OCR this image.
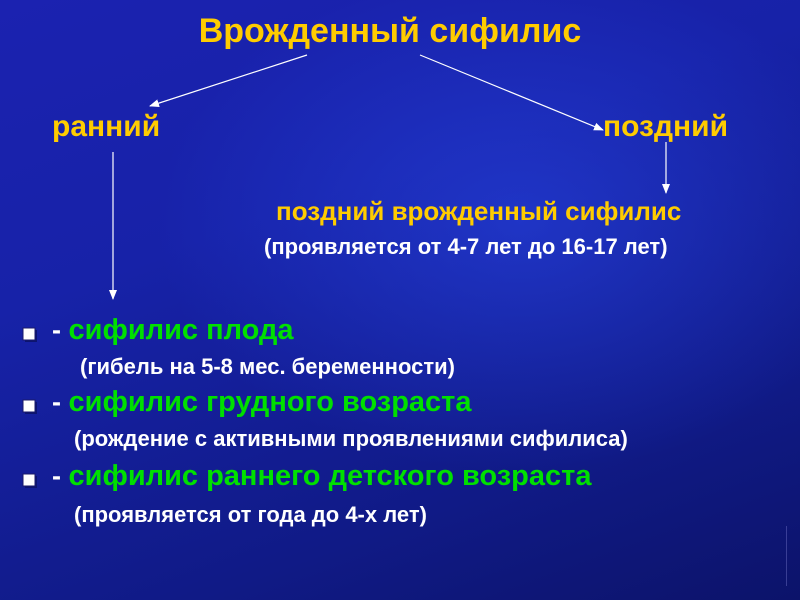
Врожденный сифилис
ранний	поздний
поздний врожденный сифилис
(проявляется от 4-7 лет до 16-17 лет)
- сифилис плода
(гибель на 5-8 мес. беременности)
- сифилис грудного возраста
(рождение с активными проявлениями сифилиса)
- сифилис раннего детского возраста
(проявляется от года до 4-х лет)
